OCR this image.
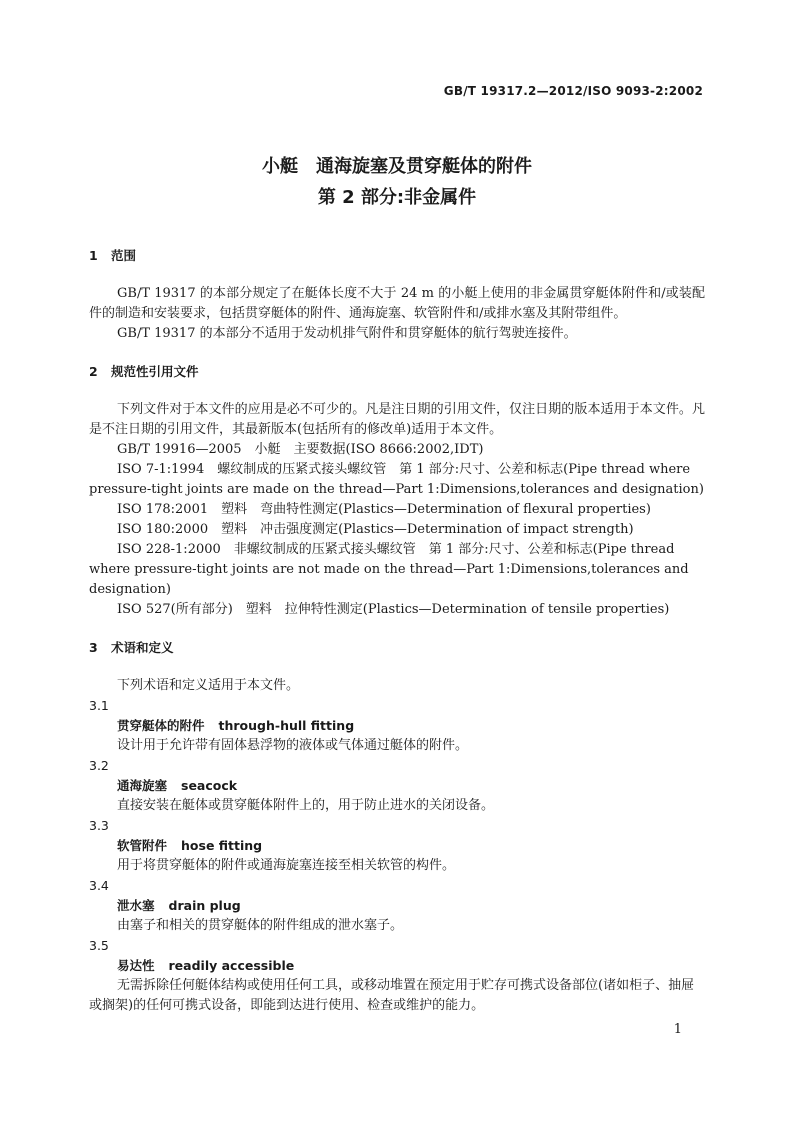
GB/T 19317.2—2012/ISO 9093-2:2002
小艇　通海旋塞及贯穿艇体的附件
第 2 部分:非金属件

1 范围

GB/T 19317 的本部分规定了在艇体长度不大于 24 m 的小艇上使用的非金属贯穿艇体附件和/或装配件的制造和安装要求，包括贯穿艇体的附件、通海旋塞、软管附件和/或排水塞及其附带组件。

GB/T 19317 的本部分不适用于发动机排气附件和贯穿艇体的航行驾驶连接件。

2 规范性引用文件

下列文件对于本文件的应用是必不可少的。凡是注日期的引用文件，仅注日期的版本适用于本文件。凡是不注日期的引用文件，其最新版本(包括所有的修改单)适用于本文件。

GB/T 19916—2005　小艇　主要数据(ISO 8666:2002,IDT)

ISO 7-1:1994　螺纹制成的压紧式接头螺纹管　第 1 部分:尺寸、公差和标志(Pipe thread where pressure-tight joints are made on the thread—Part 1:Dimensions,tolerances and designation)

ISO 178:2001　塑料　弯曲特性测定(Plastics—Determination of flexural properties)

ISO 180:2000　塑料　冲击强度测定(Plastics—Determination of impact strength)

ISO 228-1:2000　非螺纹制成的压紧式接头螺纹管　第 1 部分:尺寸、公差和标志(Pipe thread where pressure-tight joints are not made on the thread—Part 1:Dimensions,tolerances and designation)

ISO 527(所有部分)　塑料　拉伸特性测定(Plastics—Determination of tensile properties)

3 术语和定义

下列术语和定义适用于本文件。

3.1

贯穿艇体的附件 through-hull fitting

设计用于允许带有固体悬浮物的液体或气体通过艇体的附件。

3.2

通海旋塞 seacock

直接安装在艇体或贯穿艇体附件上的，用于防止进水的关闭设备。

3.3

软管附件 hose fitting

用于将贯穿艇体的附件或通海旋塞连接至相关软管的构件。

3.4

泄水塞 drain plug

由塞子和相关的贯穿艇体的附件组成的泄水塞子。

3.5

易达性 readily accessible

无需拆除任何艇体结构或使用任何工具，或移动堆置在预定用于贮存可携式设备部位(诸如柜子、抽屉或搁架)的任何可携式设备，即能到达进行使用、检查或维护的能力。

1
